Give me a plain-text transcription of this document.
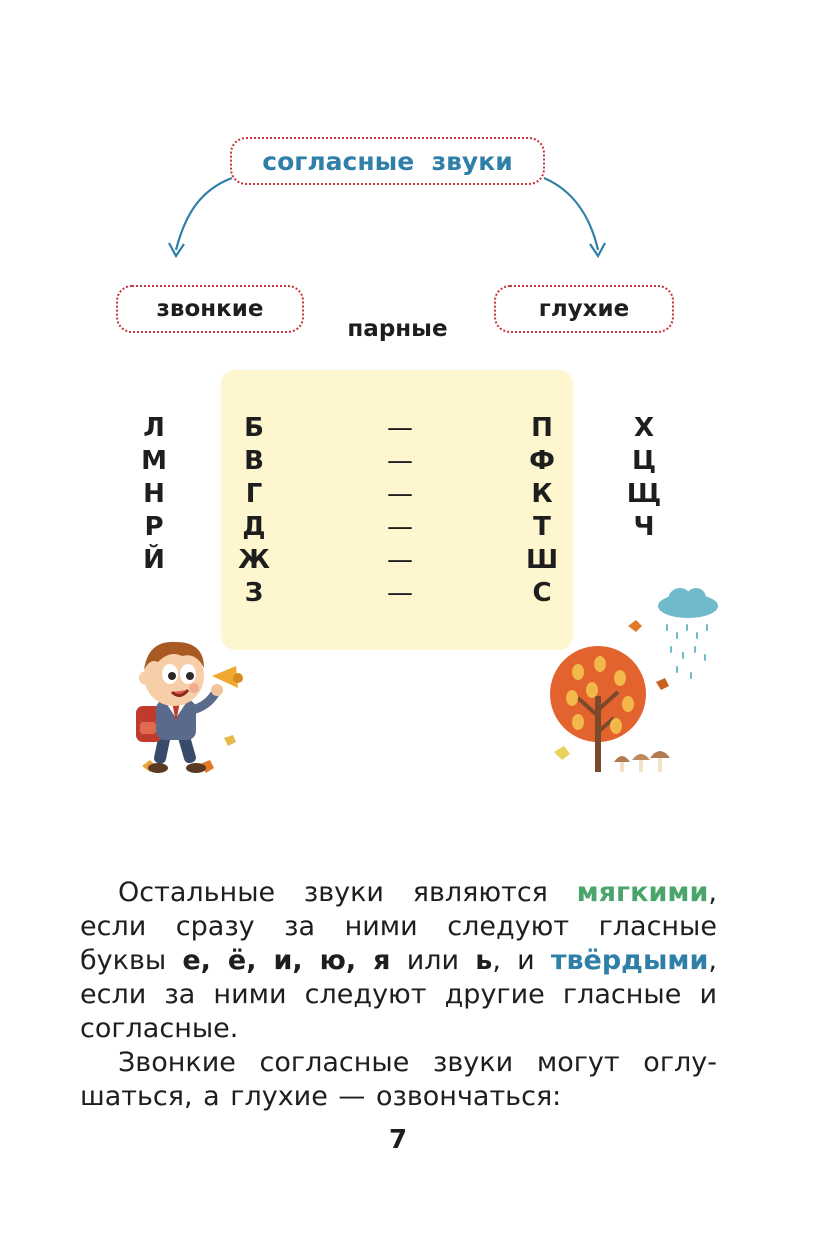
согласные  звуки
звонкие	глухие
парные
Л
М
Н
Р
Й
Б
В
Г
Д
Ж
З
—
—
—
—
—
—
П
Ф
К
Т
Ш
С
Х
Ц
Щ
Ч

Остальные звуки являются мягкими, если сразу за ними следуют гласные буквы е, ё, и, ю, я или ь, и твёрдыми, если за ними следуют другие гласные и согласные.

Звонкие согласные звуки могут оглу-шаться, а глухие — озвончаться:

7
